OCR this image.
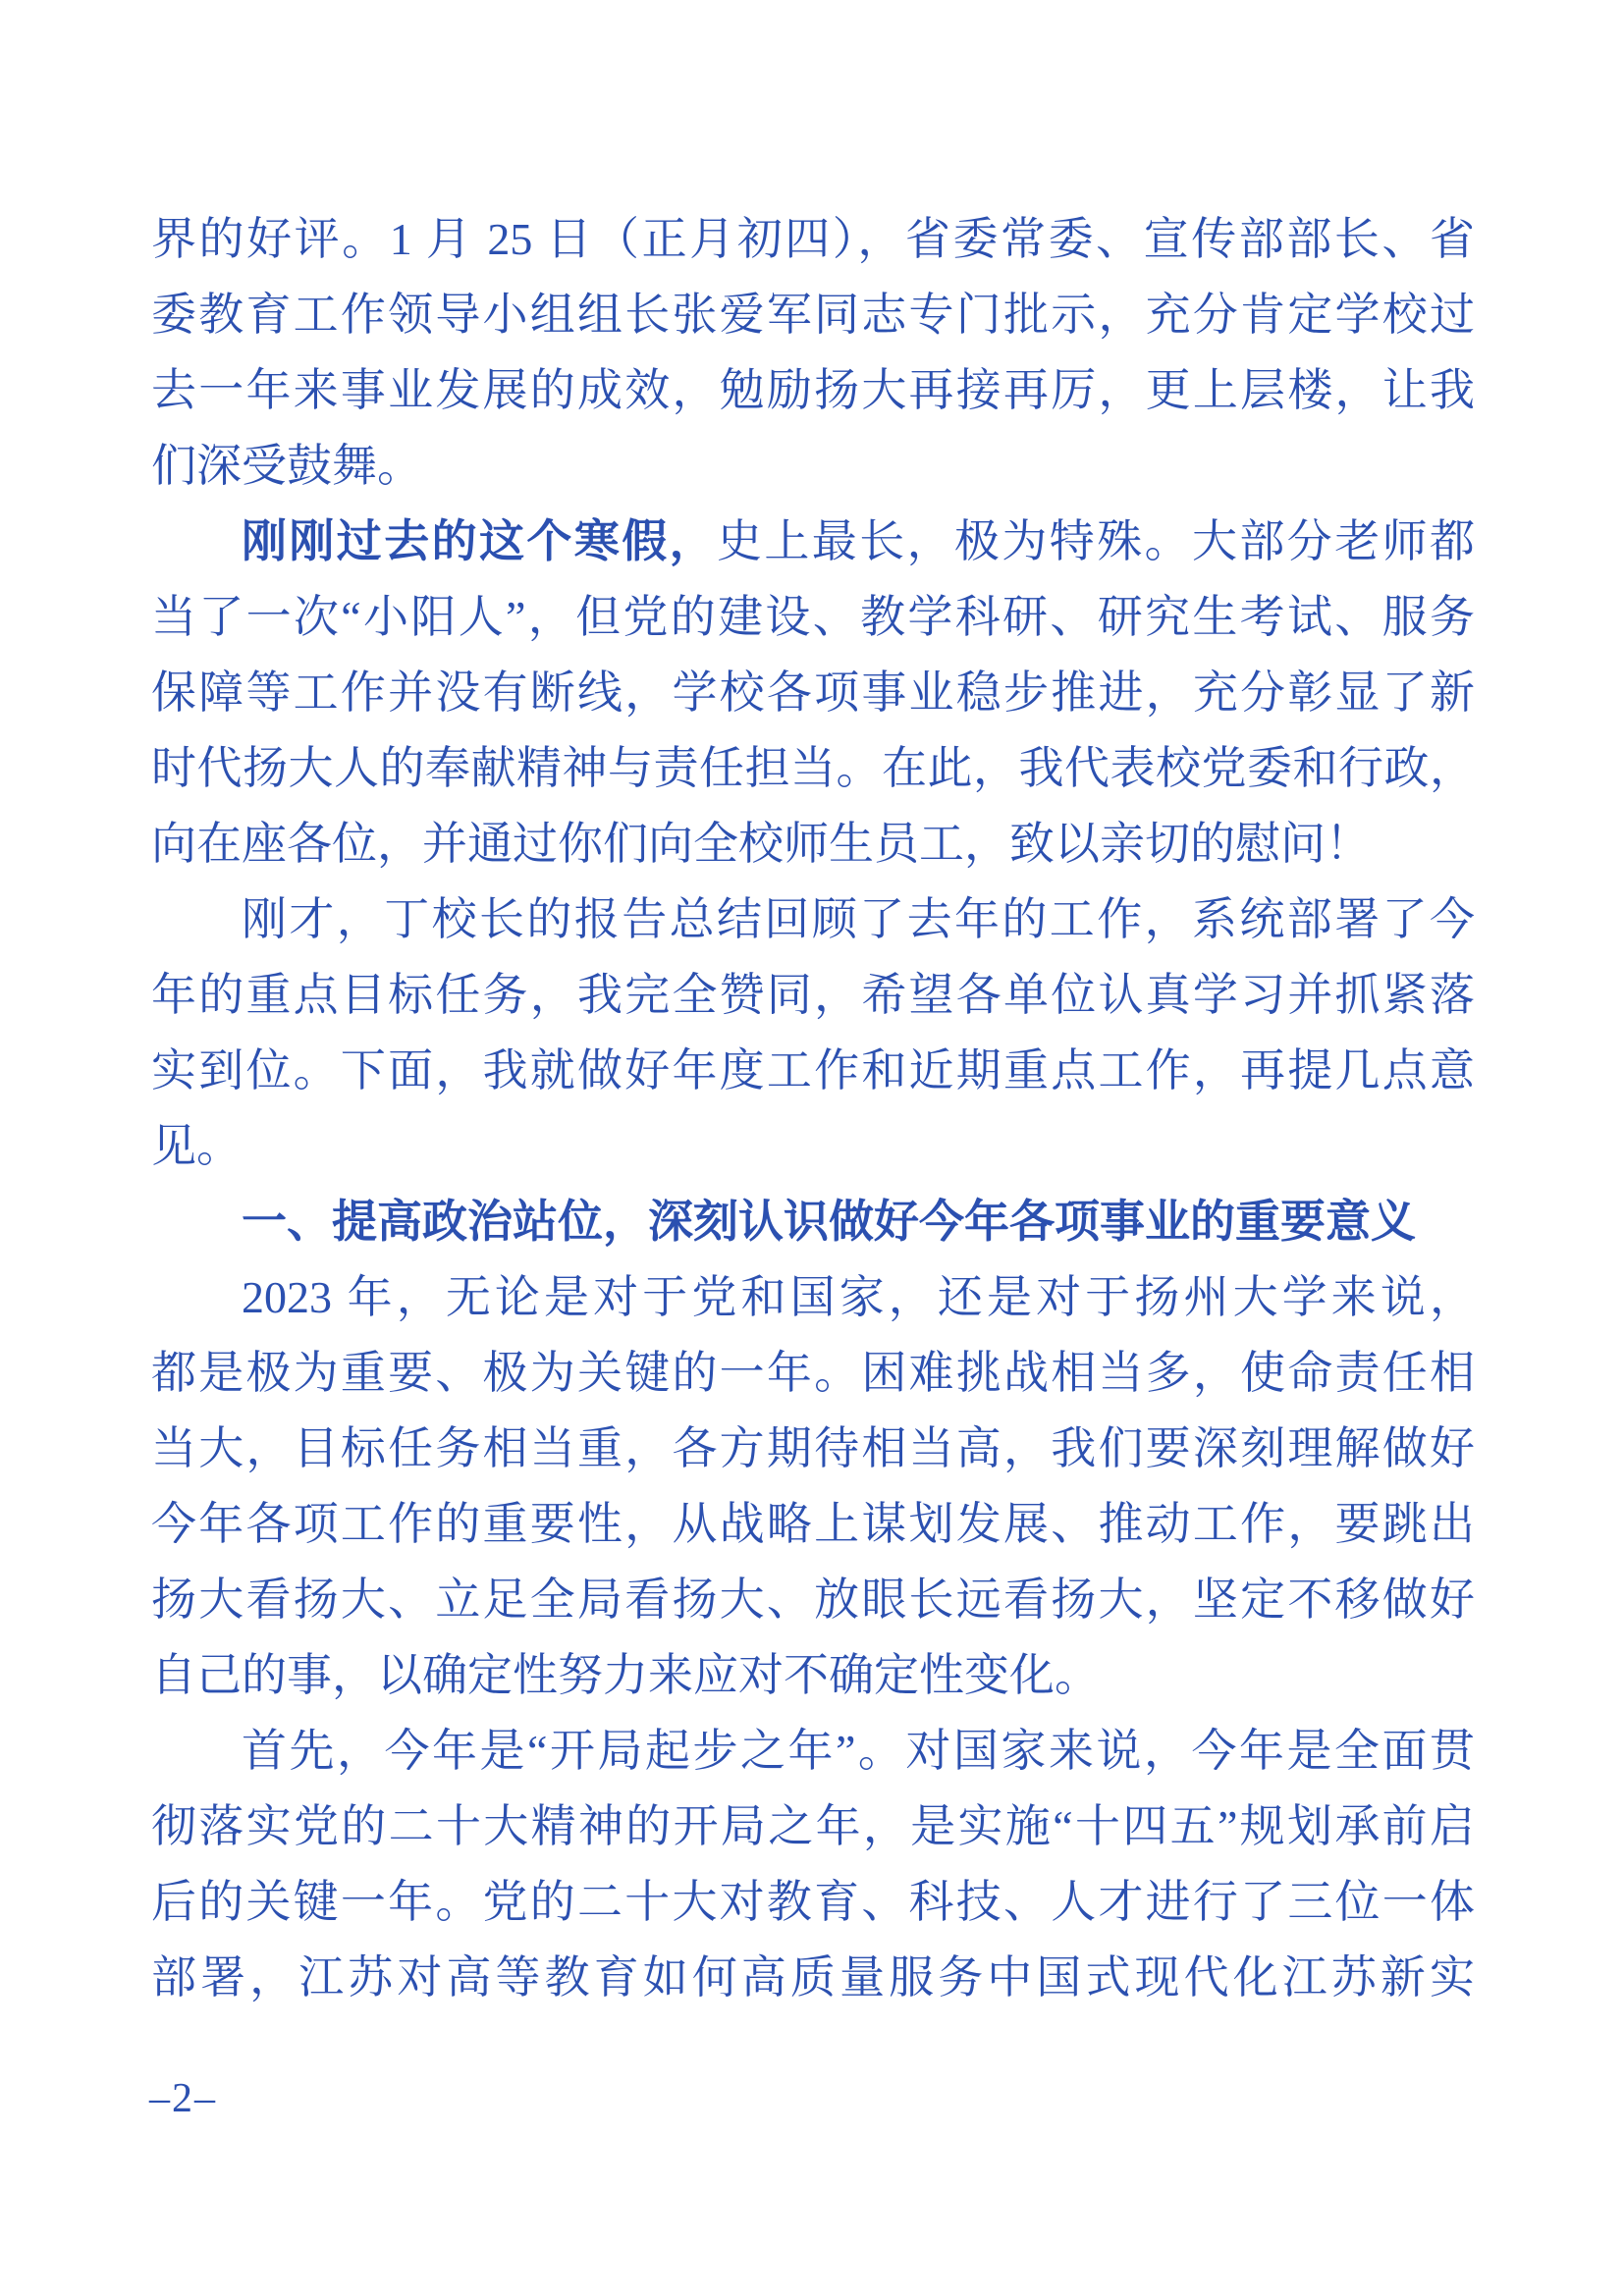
界的好评。1 月 25 日（正月初四），省委常委、宣传部部长、省
委教育工作领导小组组长张爱军同志专门批示，充分肯定学校过
去一年来事业发展的成效，勉励扬大再接再厉，更上层楼，让我
们深受鼓舞。
刚刚过去的这个寒假，史上最长，极为特殊。大部分老师都
当了一次“小阳人”，但党的建设、教学科研、研究生考试、服务
保障等工作并没有断线，学校各项事业稳步推进，充分彰显了新
时代扬大人的奉献精神与责任担当。在此，我代表校党委和行政，
向在座各位，并通过你们向全校师生员工，致以亲切的慰问！
刚才，丁校长的报告总结回顾了去年的工作，系统部署了今
年的重点目标任务，我完全赞同，希望各单位认真学习并抓紧落
实到位。下面，我就做好年度工作和近期重点工作，再提几点意
见。
一、提高政治站位，深刻认识做好今年各项事业的重要意义
2023 年，无论是对于党和国家，还是对于扬州大学来说，
都是极为重要、极为关键的一年。困难挑战相当多，使命责任相
当大，目标任务相当重，各方期待相当高，我们要深刻理解做好
今年各项工作的重要性，从战略上谋划发展、推动工作，要跳出
扬大看扬大、立足全局看扬大、放眼长远看扬大，坚定不移做好
自己的事，以确定性努力来应对不确定性变化。
首先，今年是“开局起步之年”。对国家来说，今年是全面贯
彻落实党的二十大精神的开局之年，是实施“十四五”规划承前启
后的关键一年。党的二十大对教育、科技、人才进行了三位一体
部署，江苏对高等教育如何高质量服务中国式现代化江苏新实
–2–
